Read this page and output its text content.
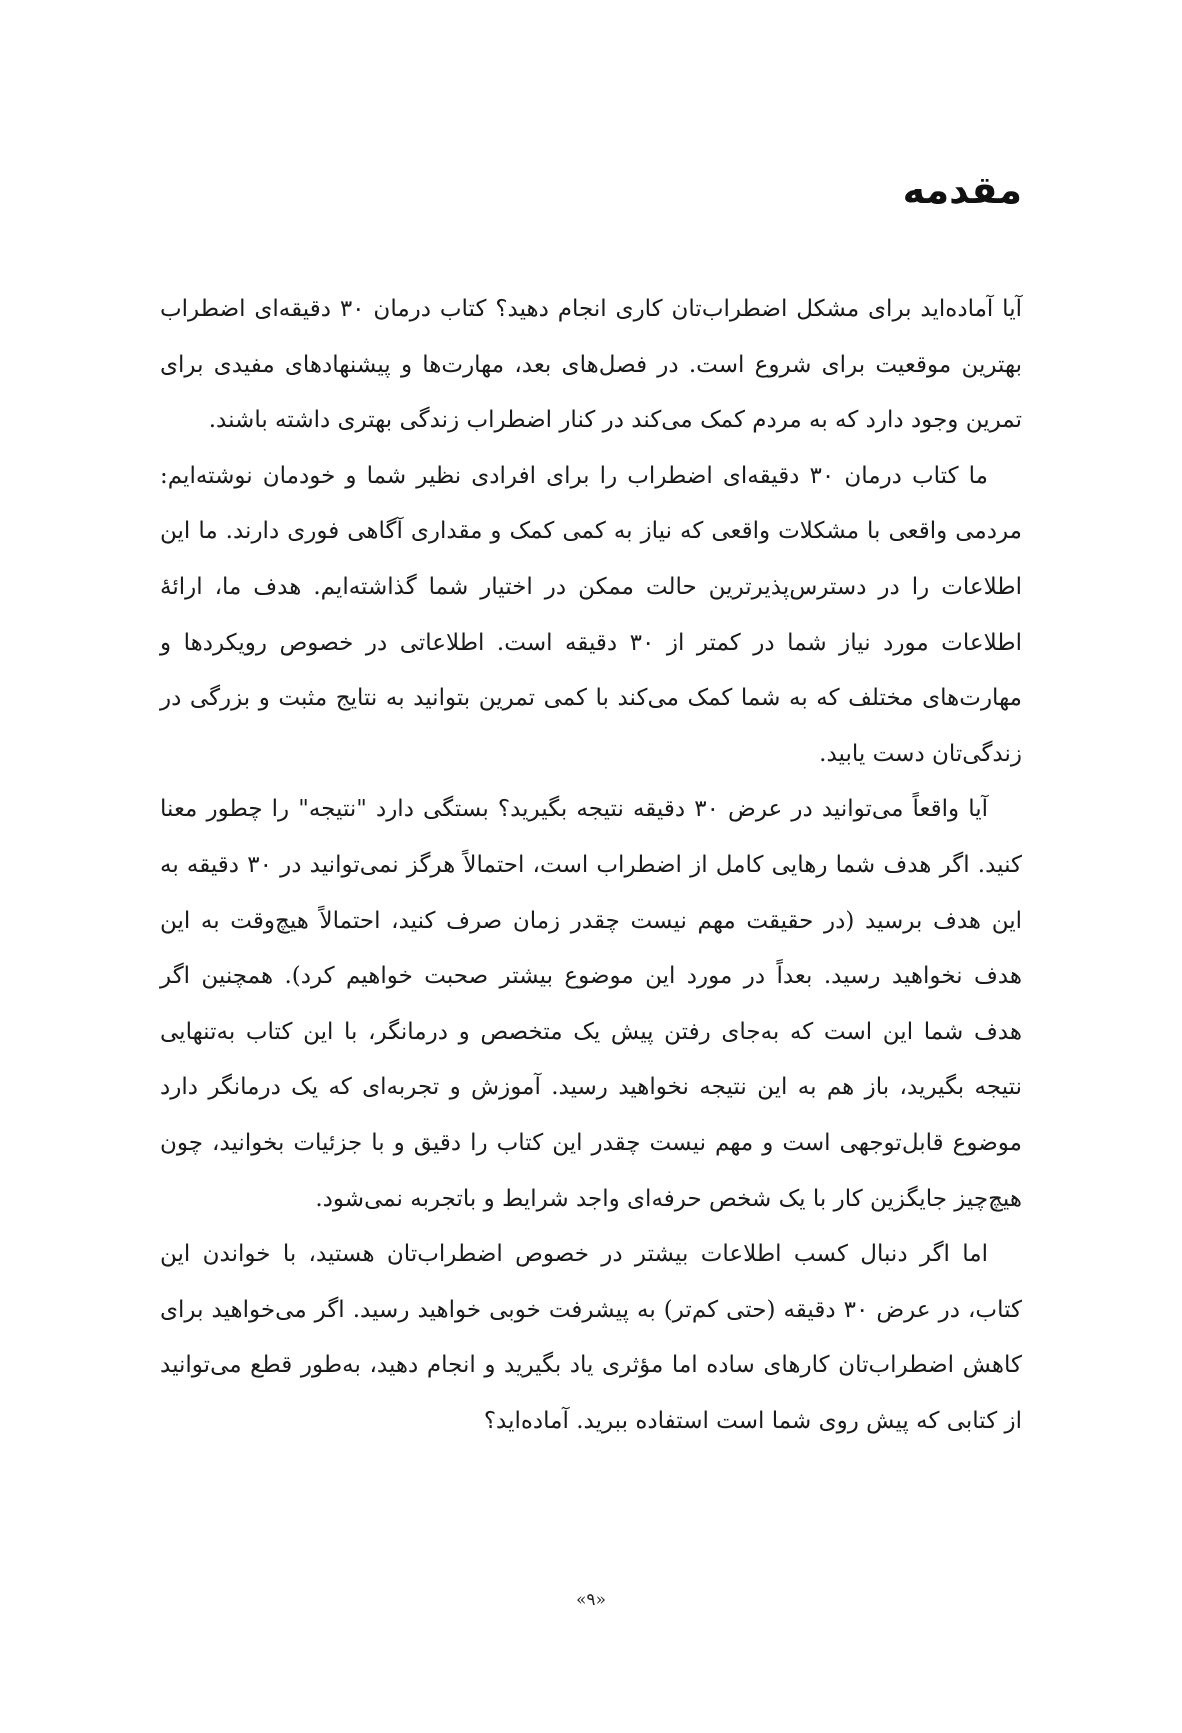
مقدمه

آیا آماده‌اید برای مشکل اضطراب‌تان کاری انجام دهید؟ کتاب درمان ۳۰ دقیقه‌ای اضطراب بهترین موقعیت برای شروع است. در فصل‌های بعد، مهارت‌ها و پیشنهادهای مفیدی برای تمرین وجود دارد که به مردم کمک می‌کند در کنار اضطراب زندگی بهتری داشته باشند.

ما کتاب درمان ۳۰ دقیقه‌ای اضطراب را برای افرادی نظیر شما و خودمان نوشته‌ایم: مردمی واقعی با مشکلات واقعی که نیاز به کمی کمک و مقداری آگاهی فوری دارند. ما این اطلاعات را در دسترس‌پذیرترین حالت ممکن در اختیار شما گذاشته‌ایم. هدف ما، ارائهٔ اطلاعات مورد نیاز شما در کمتر از ۳۰ دقیقه است. اطلاعاتی در خصوص رویکردها و مهارت‌های مختلف که به شما کمک می‌کند با کمی تمرین بتوانید به نتایج مثبت و بزرگی در زندگی‌تان دست یابید.

آیا واقعاً می‌توانید در عرض ۳۰ دقیقه نتیجه بگیرید؟ بستگی دارد "نتیجه" را چطور معنا کنید. اگر هدف شما رهایی کامل از اضطراب است، احتمالاً هرگز نمی‌توانید در ۳۰ دقیقه به این هدف برسید (در حقیقت مهم نیست چقدر زمان صرف کنید، احتمالاً هیچ‌وقت به این هدف نخواهید رسید. بعداً در مورد این موضوع بیشتر صحبت خواهیم کرد). همچنین اگر هدف شما این است که به‌جای رفتن پیش یک متخصص و درمانگر، با این کتاب به‌تنهایی نتیجه بگیرید، باز هم به این نتیجه نخواهید رسید. آموزش و تجربه‌ای که یک درمانگر دارد موضوع قابل‌توجهی است و مهم نیست چقدر این کتاب را دقیق و با جزئیات بخوانید، چون هیچ‌چیز جایگزین کار با یک شخص حرفه‌ای واجد شرایط و باتجربه نمی‌شود.

اما اگر دنبال کسب اطلاعات بیشتر در خصوص اضطراب‌تان هستید، با خواندن این کتاب، در عرض ۳۰ دقیقه (حتی کم‌تر) به پیشرفت خوبی خواهید رسید. اگر می‌خواهید برای کاهش اضطراب‌تان کارهای ساده اما مؤثری یاد بگیرید و انجام دهید، به‌طور قطع می‌توانید از کتابی که پیش روی شما است استفاده ببرید. آماده‌اید؟

«۹»
